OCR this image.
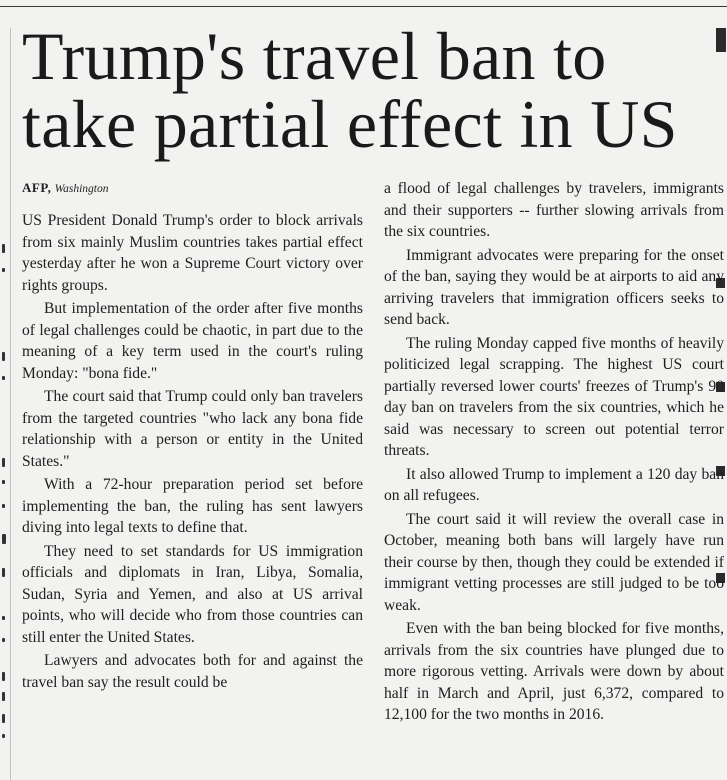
Trump's travel ban to
take partial effect in US
AFP, Washington

US President Donald Trump's order to block arrivals from six mainly Muslim countries takes partial effect yesterday after he won a Supreme Court victory over rights groups.

But implementation of the order after five months of legal challenges could be chaotic, in part due to the meaning of a key term used in the court's ruling Monday: "bona fide."

The court said that Trump could only ban travelers from the targeted countries "who lack any bona fide relationship with a person or entity in the United States."

With a 72-hour preparation period set before implementing the ban, the ruling has sent lawyers diving into legal texts to define that.

They need to set standards for US immigration officials and diplomats in Iran, Libya, Somalia, Sudan, Syria and Yemen, and also at US arrival points, who will decide who from those countries can still enter the United States.

Lawyers and advocates both for and against the travel ban say the result could be

a flood of legal challenges by travelers, immigrants and their supporters -- further slowing arrivals from the six countries.

Immigrant advocates were preparing for the onset of the ban, saying they would be at airports to aid any arriving travelers that immigration officers seeks to send back.

The ruling Monday capped five months of heavily politicized legal scrapping. The highest US court partially reversed lower courts' freezes of Trump's 90 day ban on travelers from the six countries, which he said was necessary to screen out potential terror threats.

It also allowed Trump to implement a 120 day ban on all refugees.

The court said it will review the overall case in October, meaning both bans will largely have run their course by then, though they could be extended if immigrant vetting processes are still judged to be too weak.

Even with the ban being blocked for five months, arrivals from the six countries have plunged due to more rigorous vetting. Arrivals were down by about half in March and April, just 6,372, compared to 12,100 for the two months in 2016.
